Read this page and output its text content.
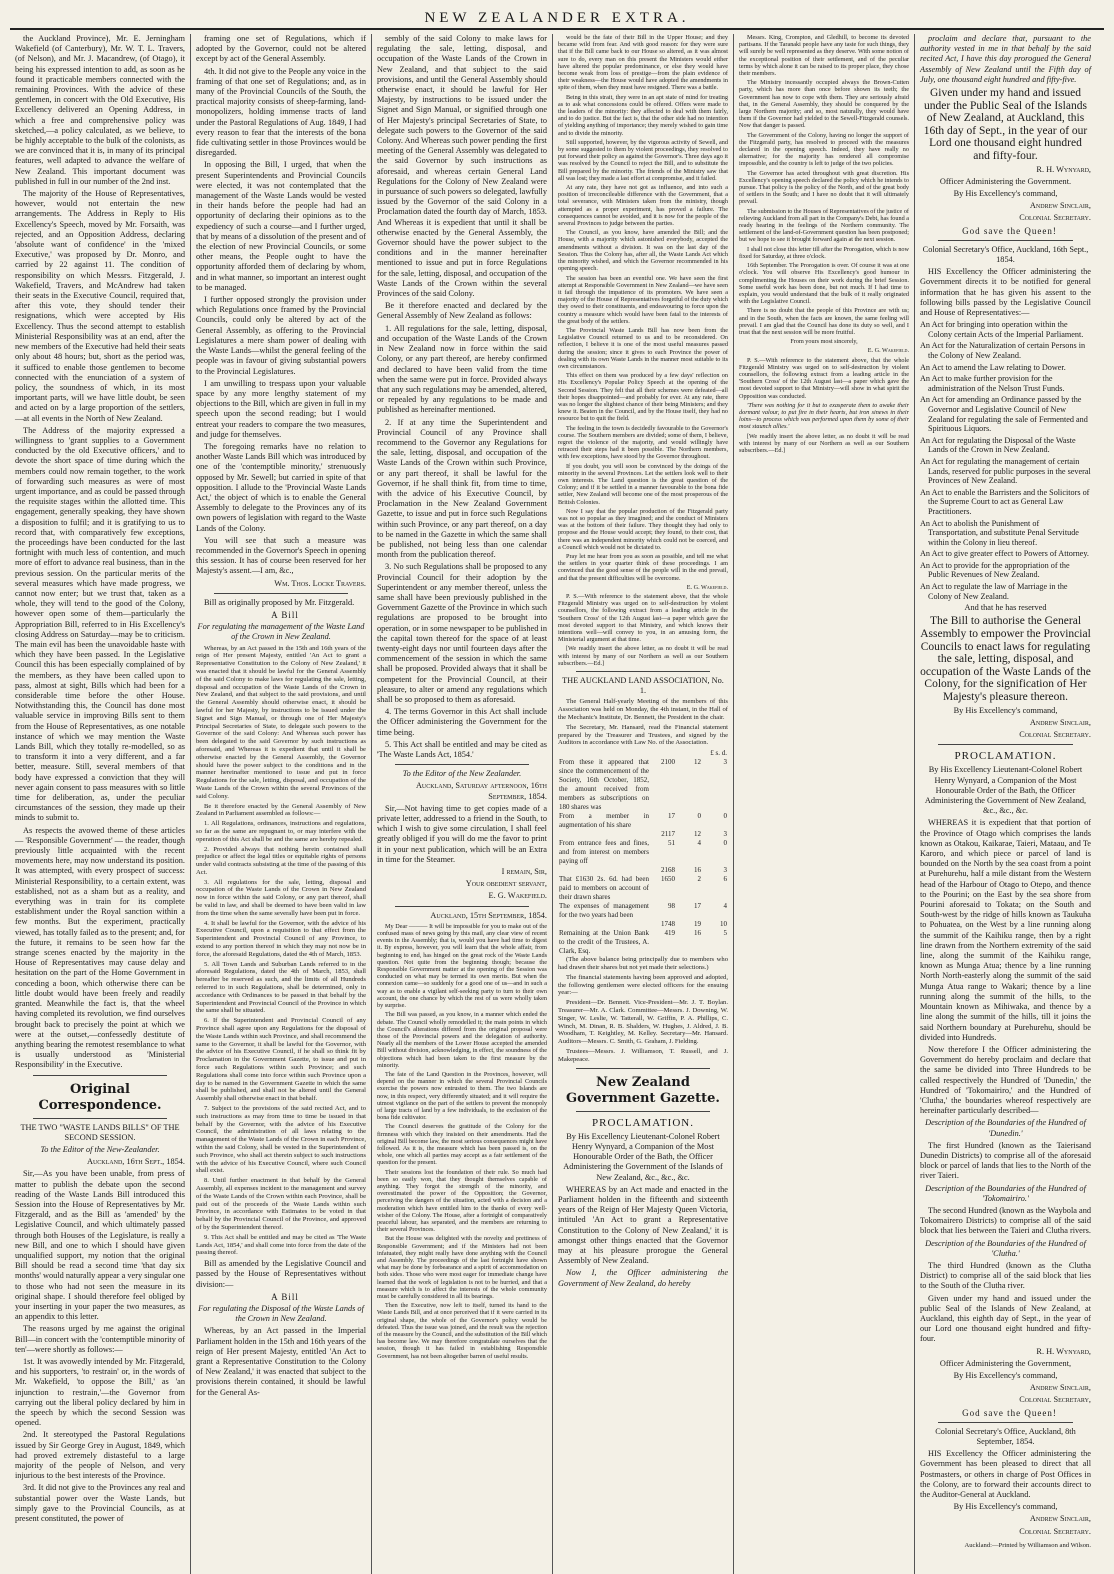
NEW ZEALANDER EXTRA.

the Auckland Province), Mr. E. Jerningham Wakefield (of Canterbury), Mr. W. T. L. Travers, (of Nelson), and Mr. J. Macandrew, (of Otago), it being his expressed intention to add, as soon as he found it practicable members connected with the remaining Provinces. With the advice of these gentlemen, in concert with the Old Executive, His Excellency delivered an Opening Address, in which a free and comprehensive policy was sketched,—a policy calculated, as we believe, to be highly acceptable to the bulk of the colonists, as we are convinced that it is, in many of its principal features, well adapted to advance the welfare of New Zealand. This important document was published in full in our number of the 2nd inst.

The majority of the House of Representatives, however, would not entertain the new arrangements. The Address in Reply to His Excellency's Speech, moved by Mr. Forsaith, was rejected, and an Opposition Address, declaring 'absolute want of confidence' in the 'mixed Executive,' was proposed by Dr. Monro, and carried by 22 against 11. The condition of responsibility on which Messrs. Fitzgerald, J. Wakefield, Travers, and McAndrew had taken their seats in the Executive Council, required that, after this vote, they should tender their resignations, which were accepted by His Excellency. Thus the second attempt to establish Ministerial Responsibility was at an end, after the new members of the Executive had held their seats only about 48 hours; but, short as the period was, it sufficed to enable those gentlemen to become connected with the enunciation of a system of policy, the soundness of which, in its most important parts, will we have little doubt, be seen and acted on by a large proportion of the settlers,—at all events in the North of New Zealand.

The Address of the majority expressed a willingness to 'grant supplies to a Government conducted by the old Executive officers,' and to devote the short space of time during which the members could now remain together, to the work of forwarding such measures as were of most urgent importance, and as could be passed through the requisite stages within the allotted time. This engagement, generally speaking, they have shown a disposition to fulfil; and it is gratifying to us to record that, with comparatively few exceptions, the proceedings have been conducted for the last fortnight with much less of contention, and much more of effort to advance real business, than in the previous session. On the particular merits of the several measures which have made progress, we cannot now enter; but we trust that, taken as a whole, they will tend to the good of the Colony, however open some of them—particularly the Appropriation Bill, referred to in His Excellency's closing Address on Saturday—may be to criticism. The main evil has been the unavoidable haste with which they have been passed. In the Legislative Council this has been especially complained of by the members, as they have been called upon to pass, almost at sight, Bills which had been for a considerable time before the other House. Notwithstanding this, the Council has done most valuable service in improving Bills sent to them from the House of Representatives, as one notable instance of which we may mention the Waste Lands Bill, which they totally re-modelled, so as to transform it into a very different, and a far better, measure. Still, several members of that body have expressed a conviction that they will never again consent to pass measures with so little time for deliberation, as, under the peculiar circumstances of the session, they made up their minds to submit to.

As respects the avowed theme of these articles — 'Responsible Government' — the reader, though previously little acquainted with the recent movements here, may now understand its position. It was attempted, with every prospect of success: Ministerial Responsibility, to a certain extent, was established, not as a sham but as a reality, and everything was in train for its complete establishment under the Royal sanction within a few months. But the experiment, practically viewed, has totally failed as to the present; and, for the future, it remains to be seen how far the strange scenes enacted by the majority in the House of Representatives may cause delay and hesitation on the part of the Home Government in conceding a boon, which otherwise there can be little doubt would have been freely and readily granted. Meanwhile the fact is, that the wheel having completed its revolution, we find ourselves brought back to precisely the point at which we were at the outset,—confessedly destitute of anything bearing the remotest resemblance to what is usually understood as 'Ministerial Responsibility' in the Executive.

Original Correspondence.

THE TWO "WASTE LANDS BILLS" OF THE SECOND SESSION.

To the Editor of the New-Zealander.

Auckland, 16th Sept., 1854.

Sir,—As you have been unable, from press of matter to publish the debate upon the second reading of the Waste Lands Bill introduced this Session into the House of Representatives by Mr. Fitzgerald, and as the Bill as 'amended' by the Legislative Council, and which ultimately passed through both Houses of the Legislature, is really a new Bill, and one to which I should have given unqualified support, my notion that the original Bill should be read a second time 'that day six months' would naturally appear a very singular one to those who had not seen the measure in its original shape. I should therefore feel obliged by your inserting in your paper the two measures, as an appendix to this letter.

The reasons urged by me against the original Bill—in concert with the 'contemptible minority of ten'—were shortly as follows:—

1st. It was avowedly intended by Mr. Fitzgerald, and his supporters, 'to restrain' or, in the words of Mr. Wakefield, 'to oppose the Bill,' as 'an injunction to restrain,'—the Governor from carrying out the liberal policy declared by him in the speech by which the second Session was opened.

2nd. It stereotyped the Pastoral Regulations issued by Sir George Grey in August, 1849, which had proved extremely distasteful to a large majority of the people of Nelson, and very injurious to the best interests of the Province.

3rd. It did not give to the Provinces any real and substantial power over the Waste Lands, but simply gave to the Provincial Councils, as at present constituted, the power of

framing one set of Regulations, which if adopted by the Governor, could not be altered except by act of the General Assembly.

4th. It did not give to the People any voice in the framing of that one set of Regulations; and, as in many of the Provincial Councils of the South, the practical majority consists of sheep-farming, land-monopolizers, holding immense tracts of land under the Pastoral Regulations of Aug. 1849, I had every reason to fear that the interests of the bona fide cultivating settler in those Provinces would be disregarded.

In opposing the Bill, I urged, that when the present Superintendents and Provincial Councils were elected, it was not contemplated that the management of the Waste Lands would be vested in their hands before the people had had an opportunity of declaring their opinions as to the expediency of such a course—and I further urged, that by means of a dissolution of the present and of the election of new Provincial Councils, or some other means, the People ought to have the opportunity afforded them of declaring by whom, and in what manner, so important an interest ought to be managed.

I further opposed strongly the provision under which Regulations once framed by the Provincial Councils, could only be altered by act of the General Assembly, as offering to the Provincial Legislatures a mere sham power of dealing with the Waste Lands—whilst the general feeling of the people was in favour of giving substantial powers to the Provincial Legislatures.

I am unwilling to trespass upon your valuable space by any more lengthy statement of my objections to the Bill, which are given in full in my speech upon the second reading; but I would entreat your readers to compare the two measures, and judge for themselves.

The foregoing remarks have no relation to another Waste Lands Bill which was introduced by one of the 'contemptible minority,' strenuously opposed by Mr. Sewell; but carried in spite of that opposition. I allude to the 'Provincial Waste Lands Act,' the object of which is to enable the General Assembly to delegate to the Provinces any of its own powers of legislation with regard to the Waste Lands of the Colony.

You will see that such a measure was recommended in the Governor's Speech in opening this session. It has of course been reserved for her Majesty's assent.—I am, &c.,

Wm. Thos. Locke Travers.

Bill as originally proposed by Mr. Fitzgerald.

A Bill

For regulating the management of the Waste Land of the Crown in New Zealand.

Whereas, by an Act passed in the 15th and 16th years of the reign of Her present Majesty, entitled 'An Act to grant a Representative Constitution to the Colony of New Zealand,' it was enacted that it should be lawful for the General Assembly of the said Colony to make laws for regulating the sale, letting, disposal and occupation of the Waste Lands of the Crown in New Zealand, and that subject to the said provisions, and until the General Assembly should otherwise enact, it should be lawful for her Majesty, by instructions to be issued under the Signet and Sign Manual, or through one of Her Majesty's Principal Secretaries of State, to delegate such powers to the Governor of the said Colony: And Whereas such power has been delegated to the said Governor by such instructions as aforesaid, and Whereas it is expedient that until it shall be otherwise enacted by the General Assembly, the Governor should have the power subject to the conditions and in the manner hereinafter mentioned to issue and put in force Regulations for the sale, letting, disposal, and occupation of the Waste Lands of the Crown within the several Provinces of the said Colony.

Be it therefore enacted by the General Assembly of New Zealand in Parliament assembled as follows:—

1. All Regulations, ordinances, instructions and regulations, so far as the same are repugnant to, or may interfere with the operation of this Act shall be and the same are hereby repealed.

2. Provided always that nothing herein contained shall prejudice or affect the legal titles or equitable rights of persons under valid contracts subsisting at the time of the passing of this Act.

3. All regulations for the sale, letting, disposal and occupation of the Waste Lands of the Crown in New Zealand now in force within the said Colony, or any part thereof, shall be valid in law, and shall be deemed to have been valid in law from the time when the same severally have been put in force.

4. It shall be lawful for the Governor, with the advice of his Executive Council, upon a requisition to that effect from the Superintendent and Provincial Council of any Province, to extend to any portion thereof in which they may not now be in force, the aforesaid Regulations, dated the 4th of March, 1853.

5. All Town Lands and Suburban Lands referred to in the aforesaid Regulations, dated the 4th of March, 1853, shall hereafter be reserved as such, and the limits of all Hundreds referred to in such Regulations, shall be determined, only in accordance with Ordinances to be passed in that behalf by the Superintendent and Provincial Council of the Province in which the same shall be situated.

6. If the Superintendent and Provincial Council of any Province shall agree upon any Regulations for the disposal of the Waste Lands within such Province, and shall recommend the same to the Governor, it shall be lawful for the Governor, with the advice of his Executive Council, if he shall so think fit by Proclamation in the Government Gazette, to issue and put in force such Regulations within such Province; and such Regulations shall come into force within such Province upon a day to be named in the Government Gazette in which the same shall be published, and shall not be altered until the General Assembly shall otherwise enact in that behalf.

7. Subject to the provisions of the said recited Act, and to such instructions as may from time to time be issued in that behalf by the Governor, with the advice of his Executive Council, the administration of all laws relating to the management of the Waste Lands of the Crown in each Province, within the said Colony, shall be vested in the Superintendent of such Province, who shall act therein subject to such instructions with the advice of his Executive Council, where such Council shall exist.

8. Until further enactment in that behalf by the General Assembly, all expenses incident to the management and survey of the Waste Lands of the Crown within each Province, shall be paid out of the proceeds of the Waste Lands within such Province, in accordance with Estimates to be voted in that behalf by the Provincial Council of the Province, and approved of by the Superintendent thereof.

9. This Act shall be entitled and may be cited as 'The Waste Lands Act, 1854,' and shall come into force from the date of the passing thereof.

Bill as amended by the Legislative Council and passed by the House of Representatives without division:—

A Bill

For regulating the Disposal of the Waste Lands of the Crown in New Zealand.

Whereas, by an Act passed in the Imperial Parliament holden in the 15th and 16th years of the reign of Her present Majesty, entitled 'An Act to grant a Representative Constitution to the Colony of New Zealand,' it was enacted that subject to the provisions therein contained, it should be lawful for the General As-

sembly of the said Colony to make laws for regulating the sale, letting, disposal, and occupation of the Waste Lands of the Crown in New Zealand, and that subject to the said provisions, and until the General Assembly should otherwise enact, it should be lawful for Her Majesty, by instructions to be issued under the Signet and Sign Manual, or signified through one of Her Majesty's principal Secretaries of State, to delegate such powers to the Governor of the said Colony. And Whereas such power pending the first meeting of the General Assembly was delegated to the said Governor by such instructions as aforesaid, and whereas certain General Land Regulations for the Colony of New Zealand were in pursuance of such powers so delegated, lawfully issued by the Governor of the said Colony in a Proclamation dated the fourth day of March, 1853. And Whereas it is expedient that until it shall be otherwise enacted by the General Assembly, the Governor should have the power subject to the conditions and in the manner hereinafter mentioned to issue and put in force Regulations for the sale, letting, disposal, and occupation of the Waste Lands of the Crown within the several Provinces of the said Colony.

Be it therefore enacted and declared by the General Assembly of New Zealand as follows:

1. All regulations for the sale, letting, disposal, and occupation of the Waste Lands of the Crown in New Zealand now in force within the said Colony, or any part thereof, are hereby confirmed and declared to have been valid from the time when the same were put in force. Provided always that any such regulations may be amended, altered, or repealed by any regulations to be made and published as hereinafter mentioned.

2. If at any time the Superintendent and Provincial Council of any Province shall recommend to the Governor any Regulations for the sale, letting, disposal, and occupation of the Waste Lands of the Crown within such Province, or any part thereof, it shall be lawful for the Governor, if he shall think fit, from time to time, with the advice of his Executive Council, by Proclamation in the New Zealand Government Gazette, to issue and put in force such Regulations within such Province, or any part thereof, on a day to be named in the Gazette in which the same shall be published, not being less than one calendar month from the publication thereof.

3. No such Regulations shall be proposed to any Provincial Council for their adoption by the Superintendent or any member thereof, unless the same shall have been previously published in the Government Gazette of the Province in which such regulations are proposed to be brought into operation, or in some newspaper to be published in the capital town thereof for the space of at least twenty-eight days nor until fourteen days after the commencement of the session in which the same shall be proposed. Provided always that it shall be competent for the Provincial Council, at their pleasure, to alter or amend any regulations which shall be so proposed to them as aforesaid.

4. The terms Governor in this Act shall include the Officer administering the Government for the time being.

5. This Act shall be entitled and may be cited as 'The Waste Lands Act, 1854.'

To the Editor of the New Zealander.

Auckland, Saturday afternoon, 16th September, 1854.

Sir,—Not having time to get copies made of a private letter, addressed to a friend in the South, to which I wish to give some circulation, I shall feel greatly obliged if you will do me the favor to print it in your next publication, which will be an Extra in time for the Steamer.

I remain, Sir,

Your obedient servant,

E. G. Wakefield.

Auckland, 15th September, 1854.

My Dear ——— It will be impossible for you to make out of the confused mass of news going by this mail, any clear view of recent events in the Assembly; that is, would you have had time to digest it. By express, however, you will learn that the whole affair, from beginning to end, has hinged on the great rock of the Waste Lands question. Not quite from the beginning though; because the Responsible Government matter at the opening of the Session was conducted on what may be termed its own merits. But when the connexion came—so suddenly for a good one of us—and in such a way as to enable a vigilant self-seeking party to turn to their own account, the one chance by which the rest of us were wholly taken by surprise.

The Bill was passed, as you know, in a manner which ended the debate. The Council wholly remodelled it; the main points in which the Council's alterations differed from the original proposal were those of the Provincial powers and the delegation of authority. Nearly all the members of the Lower House accepted the amended Bill without division, acknowledging, in effect, the soundness of the objections which had been taken to the first measure by the minority.

The fate of the Land Question in the Provinces, however, will depend on the manner in which the several Provincial Councils exercise the powers now entrusted to them. The two Islands are now, in this respect, very differently situated; and it will require the utmost vigilance on the part of the settlers to prevent the monopoly of large tracts of land by a few individuals, to the exclusion of the bona fide cultivator.

The Council deserves the gratitude of the Colony for the firmness with which they insisted on their amendments. Had the original Bill become law, the most serious consequences might have followed. As it is, the measure which has been passed is, on the whole, one which all parties may accept as a fair settlement of the question for the present.

Their sessions lost the foundation of their rule. So much had been so easily won, that they thought themselves capable of anything. They forgot the strength of the minority, and overestimated the power of the Opposition; the Governor, perceiving the dangers of the situation, acted with a decision and a moderation which have entitled him to the thanks of every well-wisher of the Colony. The House, after a fortnight of comparatively peaceful labour, has separated, and the members are returning to their several Provinces.

But the House was delighted with the novelty and prettiness of Responsible Government; and if the Ministers had not been infatuated, they might really have done anything with the Council and Assembly. The proceedings of the last fortnight have shown what may be done by forbearance and a spirit of accommodation on both sides. Those who were most eager for immediate change have learned that the work of legislation is not to be hurried, and that a measure which is to affect the interests of the whole community must be carefully considered in all its bearings.

Then the Executive, now left to itself, turned its hand to the Waste Lands Bill, and at once perceived that if it were carried in its original shape, the whole of the Governor's policy would be defeated. Thus the issue was joined, and the result was the rejection of the measure by the Council, and the substitution of the Bill which has become law. We may therefore congratulate ourselves that the session, though it has failed in establishing Responsible Government, has not been altogether barren of useful results.

would be the fate of their Bill in the Upper House; and they became wild from fear. And with good reason: for they were sure that if the Bill came back to our House so altered, as it was almost sure to do, every man on this present the Ministers would either have altered the popular predominance, or else they would have become weak from loss of prestige—from the plain evidence of their weakness—the House would have adopted the amendments in spite of them, when they must have resigned. There was a battle.

Being in this strait, they were in an apt state of mind for treating as to ask what concessions could be offered. Offers were made to the leaders of the minority: they affected to deal with them fairly, and to do justice. But the fact is, that the other side had no intention of yielding anything of importance; they merely wished to gain time and to divide the minority.

Still supported, however, by the vigorous activity of Sewell, and by some suggested to them by violent proceedings, they resolved to put forward their policy as against the Governor's. Three days ago it was resolved by the Council to reject the Bill, and to substitute the Bill prepared by the minority. The friends of the Ministry saw that all was lost; they made a last effort at compromise, and it failed.

At any rate, they have not got as influence, and into such a position of irreconcileable difference with the Government, that a total severance, with Ministers taken from the ministry, though attempted as a proper experiment, has proved a failure. The consequences cannot be avoided, and it is now for the people of the several Provinces to judge between the parties.

The Council, as you know, have amended the Bill; and the House, with a majority which astonished everybody, accepted the amendments without a division. It was on the last day of the Session. Thus the Colony has, after all, the Waste Lands Act which the minority wished, and which the Governor recommended in his opening speech.

The session has been an eventful one. We have seen the first attempt at Responsible Government in New Zealand—we have seen it fail through the impatience of its promoters. We have seen a majority of the House of Representatives forgetful of the duty which they owed to their constituents, and endeavouring to force upon the country a measure which would have been fatal to the interests of the great body of the settlers.

The Provincial Waste Lands Bill has now been from the Legislative Council returned to us and to be reconsidered. On reflection, I believe it is one of the most useful measures passed during the session; since it gives to each Province the power of dealing with its own Waste Lands in the manner most suitable to its own circumstances.

This effect on them was produced by a few days' reflection on His Excellency's Popular Policy Speech at the opening of the Second Session. They felt that all their schemes were defeated—all their hopes disappointed—and probably for ever. At any rate, there was no longer the slightest chance of their being Ministers; and they knew it. Beaten in the Council, and by the House itself, they had no resource but to quit the field.

The feeling in the town is decidedly favourable to the Governor's course. The Southern members are divided; some of them, I believe, regret the violence of the majority, and would willingly have retraced their steps had it been possible. The Northern members, with few exceptions, have stood by the Governor throughout.

If you doubt, you will soon be convinced by the doings of the minority in the several Provinces. Let the settlers look well to their own interests. The Land question is the great question of the Colony; and if it be settled in a manner favourable to the bona fide settler, New Zealand will become one of the most prosperous of the British Colonies.

Now I say that the popular production of the Fitzgerald party was not so popular as they imagined; and the conduct of Ministers was at the bottom of their failure. They thought they had only to propose and the House would accept; they found, to their cost, that there was an independent minority which could not be coerced, and a Council which would not be dictated to.

Pray let me hear from you as soon as possible, and tell me what the settlers in your quarter think of these proceedings. I am convinced that the good sense of the people will in the end prevail, and that the present difficulties will be overcome.

E. G. Wakefield.

P. S.—With reference to the statement above, that the whole Fitzgerald Ministry was urged on to self-destruction by violent counsellors, the following extract from a leading article in the 'Southern Cross' of the 12th August last—a paper which gave the most devoted support to that Ministry, and which knows their intentions well—will convey to you, in an amusing form, the Ministerial argument at that time.

[We readily insert the above letter, as no doubt it will be read with interest by many of our Northern as well as our Southern subscribers.—Ed.]

THE AUCKLAND LAND ASSOCIATION, No. 1.

The General Half-yearly Meeting of the members of this Association was held on Monday, the 4th instant, in the Hall of the Mechanic's Institute, Dr. Bennett, the President in the chair.

The Secretary, Mr. Hansard, read the Financial statement prepared by the Treasurer and Trustees, and signed by the Auditors in accordance with Law No. of the Association.

	£ s. d.		
From these it appeared that since the commencement of the Society, 16th October, 1852, the amount received from members as subscriptions on 180 shares was	2100	12	3
From a member in augmentation of his share	17	0	0
	2117	12	3
From entrance fees and fines, and from interest on members paying off	51	4	0
	2168	16	3
That £1630 2s. 6d. had been paid to members on account of their drawn shares	1650	2	6
The expenses of management for the two years had been	98	17	4
	1748	19	10
Remaining at the Union Bank to the credit of the Trustees, A. Clark, Esq.	419	16	5

(The above balance being principally due to members who had drawn their shares but not yet made their selections.)

The financial statements having been approved and adopted, the following gentlemen were elected officers for the ensuing year:—

President—Dr. Bennett. Vice-President—Mr. J. T. Boylan. Treasurer—Mr. A. Clark. Committee—Messrs. J. Downing, W. Singer, W. Leslie, W. Tatterall, W. Griffin, P. A. Phillips, C. Winch, M. Dinan, R. B. Shalders, W. Hughes, J. Aldred, J. B. Woodham, T. Keightley, M. Kelley. Secretary—Mr. Hansard. Auditors—Messrs. C. Smith, G. Graham, J. Fielding.

Trustees—Messrs. J. Williamson, T. Russell, and J. Makepeace.

New Zealand Government Gazette.
PROCLAMATION.

By His Excellency Lieutenant-Colonel Robert Henry Wynyard, a Companion of the Most Honourable Order of the Bath, the Officer Administering the Government of the Islands of New Zealand, &c., &c., &c.

WHEREAS by an Act made and enacted in the Parliament holden in the fifteenth and sixteenth years of the Reign of Her Majesty Queen Victoria, intituled 'An Act to grant a Representative Constitution to the Colony of New Zealand,' it is amongst other things enacted that the Governor may at his pleasure prorogue the General Assembly of New Zealand.

Now I, the Officer administering the Government of New Zealand, do hereby

Messrs. King, Crompton, and Gledhill, to become its devoted partisans. If the Taranaki people have any taste for such things, they will surely be well represented as they deserve. With some notion of the exceptional position of their settlement, and of the peculiar terms by which alone it can be raised to its proper place, they chose their members.

The Ministry incessantly occupied always the Brown-Cutten party, which has more than once before shown its teeth; the Government has now to cope with them. They are seriously afraid that, in the General Assembly, they should be conquered by the large Northern majority; and so, most naturally, they would have them if the Governor had yielded to the Sewell-Fitzgerald counsels. Now that danger is passed.

The Government of the Colony, having no longer the support of the Fitzgerald party, has resolved to proceed with the measures declared in the opening speech. Indeed, they have really no alternative; for the majority has rendered all compromise impossible, and the country is left to judge of the two policies.

The Governor has acted throughout with great discretion. His Excellency's opening speech declared the policy which he intends to pursue. That policy is the policy of the North, and of the great body of settlers in the South; and I have no doubt that it will ultimately prevail.

The submission to the Houses of Representatives of the justice of relieving Auckland from all part in the Company's Debt, has found a ready hearing in the feelings of the Northern community. The settlement of the land-of-Government question has been postponed; but we hope to see it brought forward again at the next session.

I shall not close this letter till after the Prorogation, which is now fixed for Saturday, at three o'clock.

16th September. The Prorogation is over. Of course it was at one o'clock. You will observe His Excellency's good humour in complimenting the Houses on their work during the brief Session. Some useful work has been done, but not much. If I had time to explain, you would understand that the bulk of it really originated with the Legislative Council.

There is no doubt that the people of this Province are with us; and in the South, when the facts are known, the same feeling will prevail. I am glad that the Council has done its duty so well, and I trust that the next session will be more fruitful.

From yours most sincerely,

E. G. Wakefield.

P. S.—With reference to the statement above, that the whole Fitzgerald Ministry was urged on to self-destruction by violent counsellors, the following extract from a leading article in the 'Southern Cross' of the 12th August last—a paper which gave the most devoted support to that Ministry—will show in what spirit the Opposition was conducted.

'There was nothing for it but to exasperate them to awake their dormant valour, to put fire in their hearts, but iron sinews in their loins—to process which was performed upon them by some of their most staunch allies.'

[We readily insert the above letter, as no doubt it will be read with interest by many of our Northern as well as our Southern subscribers.—Ed.]

proclaim and declare that, pursuant to the authority vested in me in that behalf by the said recited Act, I have this day prorogued the General Assembly of New Zealand until the Fifth day of July, one thousand eight hundred and fifty-five.

Given under my hand and issued under the Public Seal of the Islands of New Zealand, at Auckland, this 16th day of Sept., in the year of our Lord one thousand eight hundred and fifty-four.

R. H. Wynyard,

Officer Administering the Government.

By His Excellency's command,

Andrew Sinclair,

Colonial Secretary.

God save the Queen!

Colonial Secretary's Office, Auckland, 16th Sept., 1854.

HIS Excellency the Officer administering the Government directs it to be notified for general information that he has given his assent to the following bills passed by the Legislative Council and House of Representatives:—

An Act for bringing into operation within the Colony certain Acts of the Imperial Parliament.

An Act for the Naturalization of certain Persons in the Colony of New Zealand.

An Act to amend the Law relating to Dower.

An Act to make further provision for the administration of the Nelson Trust Funds.

An Act for amending an Ordinance passed by the Governor and Legislative Council of New Zealand for regulating the sale of Fermented and Spirituous Liquors.

An Act for regulating the Disposal of the Waste Lands of the Crown in New Zealand.

An Act for regulating the management of certain Lands, reserved for public purposes in the several Provinces of New Zealand.

An Act to enable the Barristers and the Solicitors of the Supreme Court to act as General Law Practitioners.

An Act to abolish the Punishment of Transportation, and substitute Penal Servitude within the Colony in lieu thereof.

An Act to give greater effect to Powers of Attorney.

An Act to provide for the appropriation of the Public Revenues of New Zealand.

An Act to regulate the law of Marriage in the Colony of New Zealand.

And that he has reserved

The Bill to authorise the General Assembly to empower the Provincial Councils to enact laws for regulating the sale, letting, disposal, and occupation of the Waste Lands of the Colony, for the signification of Her Majesty's pleasure thereon.

By His Excellency's command,

Andrew Sinclair,

Colonial Secretary.

PROCLAMATION.

By His Excellency Lieutenant-Colonel Robert Henry Wynyard, a Companion of the Most Honourable Order of the Bath, the Officer Administering the Government of New Zealand, &c., &c., &c.

WHEREAS it is expedient that that portion of the Province of Otago which comprises the lands known as Otakou, Kaikarae, Taieri, Mataau, and Te Karoro, and which piece or parcel of land is bounded on the North by the sea coast from a point at Purehurehu, half a mile distant from the Western head of the Harbour of Otago to Otepo, and thence to the Pourini; on the East by the sea shore from Pourini aforesaid to Tokata; on the South and South-west by the ridge of hills known as Taukuha to Pohuatea, on the West by a line running along the summit of the Kaihiku range, then by a right line drawn from the Northern extremity of the said line, along the summit of the Kaihiku range, known as Munga Atua; thence by a line running North North-easterly along the summit of the said Munga Atua range to Wakari; thence by a line running along the summit of the hills, to the Mountain known as Mihiwaka, and thence by a line along the summit of the hills, till it joins the said Northern boundary at Purehurehu, should be divided into Hundreds.

Now therefore I the Officer administering the Government do hereby proclaim and declare that the same be divided into Three Hundreds to be called respectively the Hundred of 'Dunedin,' the Hundred of 'Tokomairiro,' and the Hundred of 'Clutha,' the boundaries whereof respectively are hereinafter particularly described—

Description of the Boundaries of the Hundred of 'Dunedin.'

The first Hundred (known as the Taierisand Dunedin Districts) to comprise all of the aforesaid block or parcel of lands that lies to the North of the river Taieri.

Description of the Boundaries of the Hundred of 'Tokomairiro.'

The second Hundred (known as the Waybola and Tokomairero Districts) to comprise all of the said block that lies between the Taieri and Clutha rivers.

Description of the Boundaries of the Hundred of 'Clutha.'

The third Hundred (known as the Clutha District) to comprise all of the said block that lies to the South of the Clutha river.

Given under my hand and issued under the public Seal of the Islands of New Zealand, at Auckland, this eighth day of Sept., in the year of our Lord one thousand eight hundred and fifty-four.

R. H. Wynyard,

Officer Administering the Government,

By His Excellency's command,

Andrew Sinclair,

Colonial Secretary,

God save the Queen!

Colonial Secretary's Office, Auckland, 8th September, 1854.

HIS Excellency the Officer administering the Government has been pleased to direct that all Postmasters, or others in charge of Post Offices in the Colony, are to forward their accounts direct to the Auditor-General at Auckland.

By His Excellency's command,

Andrew Sinclair,

Colonial Secretary.

Auckland:—Printed by Williamson and Wilson.
